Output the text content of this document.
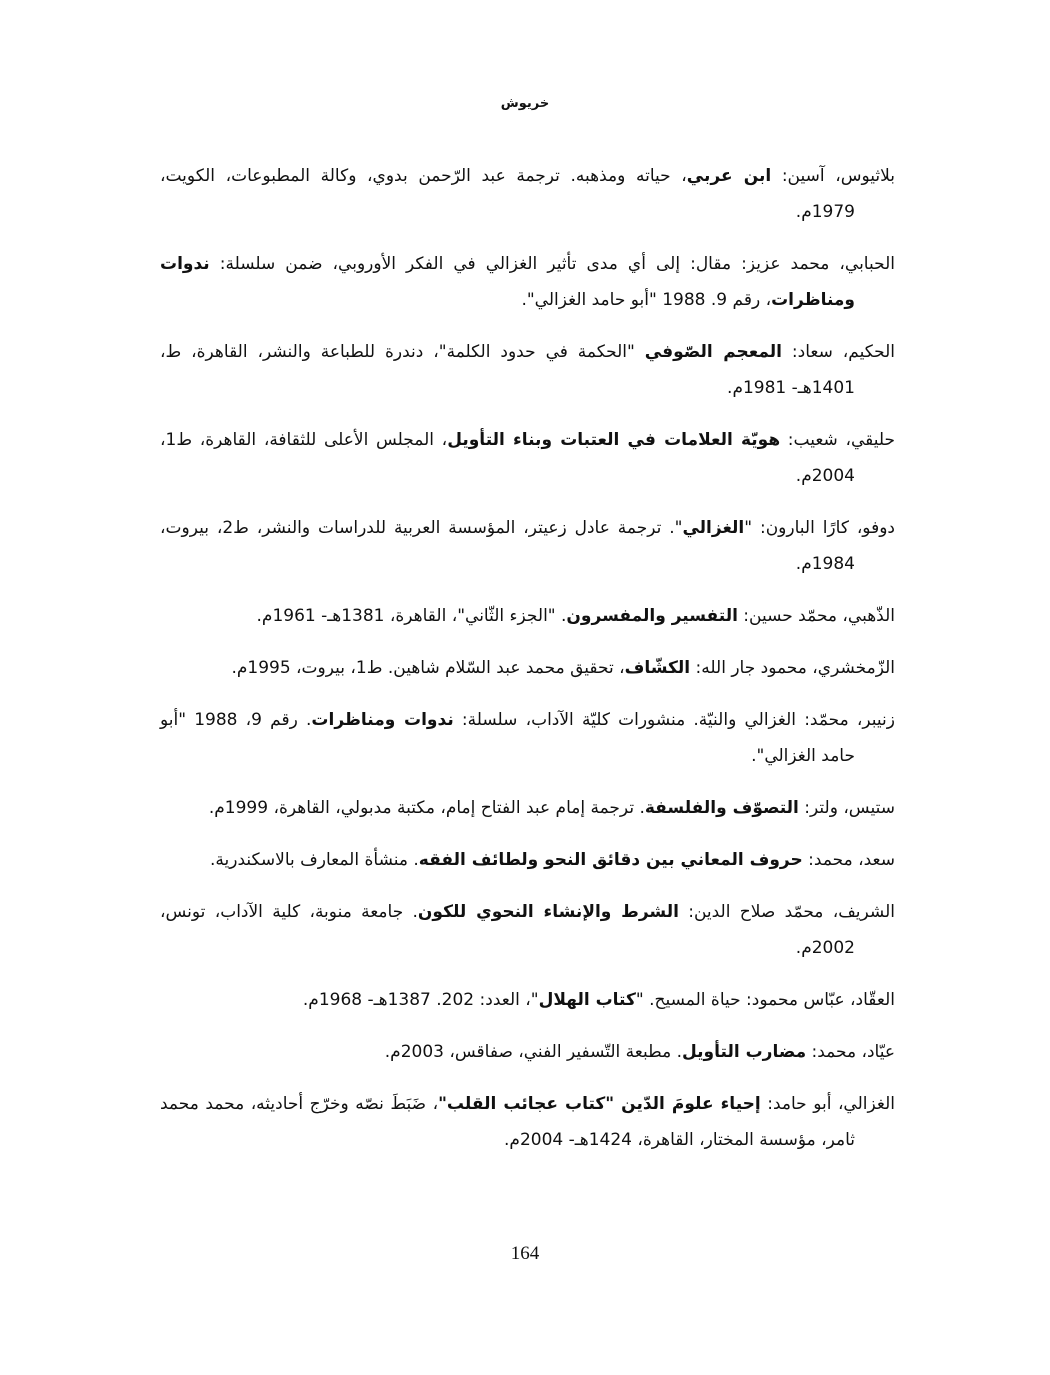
خريوش

بلاثيوس، آسين: ابن عربي، حياته ومذهبه. ترجمة عبد الرّحمن بدوي، وكالة المطبوعات، الكويت، 1979م.

الحبابي، محمد عزيز: مقال: إلى أي مدى تأثير الغزالي في الفكر الأوروبي، ضمن سلسلة: ندوات ومناظرات، رقم 9. 1988 "أبو حامد الغزالي".

الحكيم، سعاد: المعجم الصّوفي "الحكمة في حدود الكلمة"، دندرة للطباعة والنشر، القاهرة، ط، 1401هـ- 1981م.

حليقي، شعيب: هويّة العلامات في العتبات وبناء التأويل، المجلس الأعلى للثقافة، القاهرة، ط1، 2004م.

دوفو، كارًا البارون: "الغزالي". ترجمة عادل زعيتر، المؤسسة العربية للدراسات والنشر، ط2، بيروت، 1984م.

الذّهبي، محمّد حسين: التفسير والمفسرون. "الجزء الثّاني"، القاهرة، 1381هـ- 1961م.

الزّمخشري، محمود جار الله: الكشّاف، تحقيق محمد عبد السّلام شاهين. ط1، بيروت، 1995م.

زنيبر، محمّد: الغزالي والنيّة. منشورات كليّة الآداب، سلسلة: ندوات ومناظرات. رقم 9، 1988 "أبو حامد الغزالي".

ستيس، ولتر: التصوّف والفلسفة. ترجمة إمام عبد الفتاح إمام، مكتبة مدبولي، القاهرة، 1999م.

سعد، محمد: حروف المعاني بين دقائق النحو ولطائف الفقه. منشأة المعارف بالاسكندرية.

الشريف، محمّد صلاح الدين: الشرط والإنشاء النحوي للكون. جامعة منوبة، كلية الآداب، تونس، 2002م.

العقّاد، عبّاس محمود: حياة المسيح. "كتاب الهلال"، العدد: 202. 1387هـ- 1968م.

عيّاد، محمد: مضارب التأويل. مطبعة التّسفير الفني، صفاقس، 2003م.

الغزالي، أبو حامد: إحياء علومَ الدّين "كتاب عجائب القلب"، ضَبَطَ نصّه وخرّج أحاديثه، محمد محمد ثامر، مؤسسة المختار، القاهرة، 1424هـ- 2004م.

164
